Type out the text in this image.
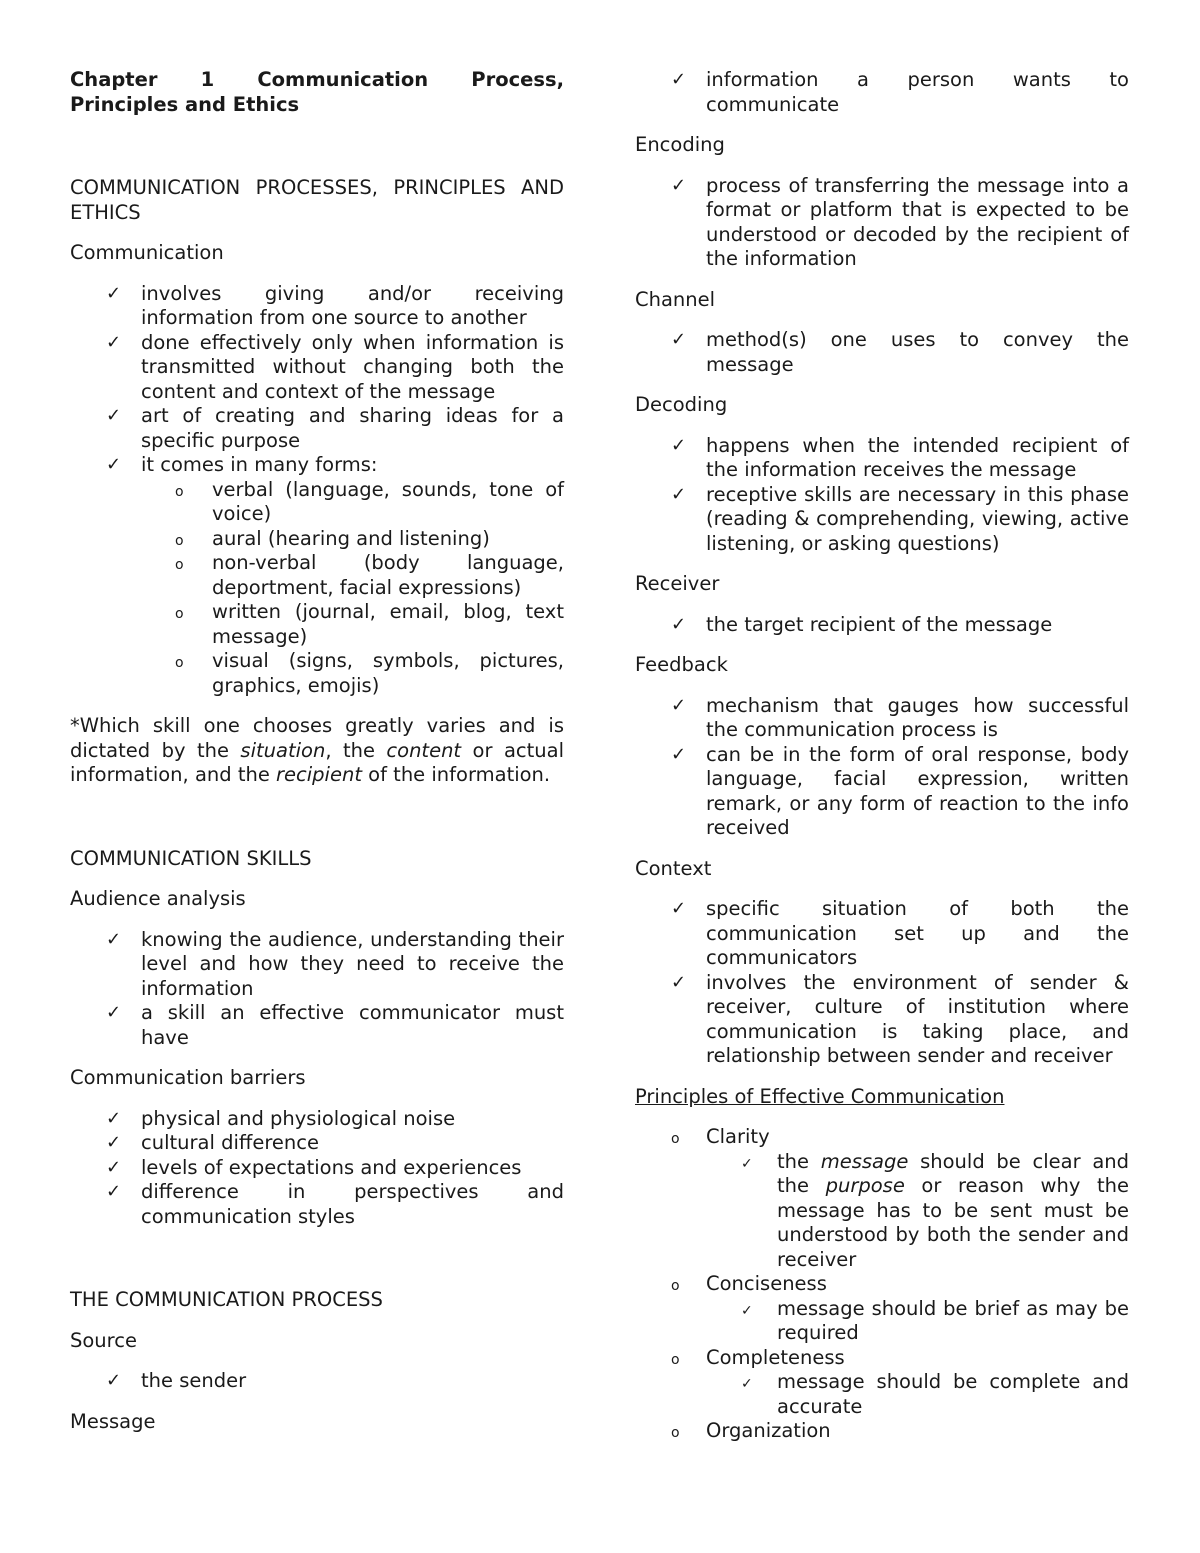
Chapter 1 Communication Process,
Principles and Ethics

COMMUNICATION PROCESSES, PRINCIPLES AND ETHICS

Communication

✓ involves giving and/or receiving information from one source to another
✓ done effectively only when information is transmitted without changing both the content and context of the message
✓ art of creating and sharing ideas for a specific purpose
✓ it comes in many forms:
o verbal (language, sounds, tone of voice)
o aural (hearing and listening)
o non-verbal (body language, deportment, facial expressions)
o written (journal, email, blog, text message)
o visual (signs, symbols, pictures, graphics, emojis)

*Which skill one chooses greatly varies and is dictated by the situation, the content or actual information, and the recipient of the information.

COMMUNICATION SKILLS

Audience analysis

✓ knowing the audience, understanding their level and how they need to receive the information
✓ a skill an effective communicator must have

Communication barriers

✓ physical and physiological noise
✓ cultural difference
✓ levels of expectations and experiences
✓ difference in perspectives and communication styles

THE COMMUNICATION PROCESS

Source

✓ the sender

Message

✓ information a person wants to communicate

Encoding

✓ process of transferring the message into a format or platform that is expected to be understood or decoded by the recipient of the information

Channel

✓ method(s) one uses to convey the message

Decoding

✓ happens when the intended recipient of the information receives the message
✓ receptive skills are necessary in this phase (reading & comprehending, viewing, active listening, or asking questions)

Receiver

✓ the target recipient of the message

Feedback

✓ mechanism that gauges how successful the communication process is
✓ can be in the form of oral response, body language, facial expression, written remark, or any form of reaction to the info received

Context

✓ specific situation of both the communication set up and the communicators
✓ involves the environment of sender & receiver, culture of institution where communication is taking place, and relationship between sender and receiver

Principles of Effective Communication

o Clarity
✓ the message should be clear and the purpose or reason why the message has to be sent must be understood by both the sender and receiver
o Conciseness
✓ message should be brief as may be required
o Completeness
✓ message should be complete and accurate
o Organization
